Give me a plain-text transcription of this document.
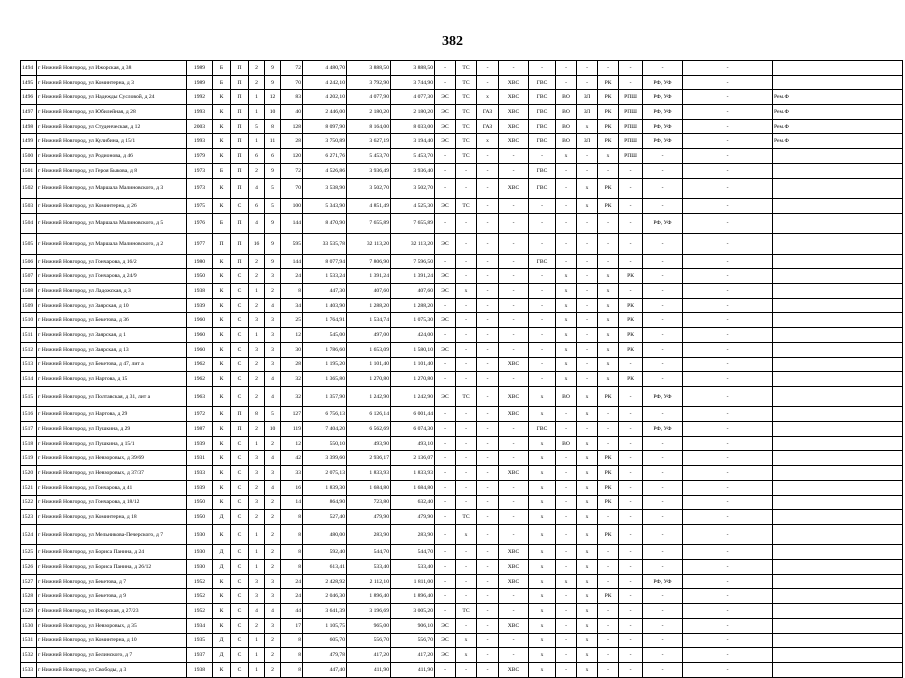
382
1494	г Нижний Новгород, ул Ижорская, д 38	1989	Б	П	2	9	72	4 480,70	3 888,50	3 888,50	-	ТС	-	-	-	-	-	-	-	-	-	
1495	г Нижний Новгород, ул Коминтерна, д 3	1989	Б	П	2	9	70	4 242,10	3 792,90	3 744,90	-	ТС	-	ХВС	ГВС	-	-	РК	-	РФ, УФ	-	
1496	г Нижний Новгород, ул Надежды Сусловой, д 24	1992	К	П	1	12	83	4 202,10	4 077,90	4 077,30	ЭС	ТС	х	ХВС	ГВС	ВО	ЗЛ	РК	РПШ	РФ, УФ	-	Рем.Ф
1497	г Нижний Новгород, ул Юбилейная, д 28	1993	К	П	1	10	40	2 446,00	2 180,20	2 180,20	ЭС	ТС	ГАЗ	ХВС	ГВС	ВО	ЗЛ	РК	РПШ	РФ, УФ	-	Рем.Ф
1498	г Нижний Новгород, ул Студенческая, д 12	2003	К	П	5	8	128	8 097,90	8 164,00	8 033,00	ЭС	ТС	ГАЗ	ХВС	ГВС	ВО	х	РК	РПШ	РФ, УФ	-	Рем.Ф
1499	г Нижний Новгород, ул Кулибина, д 15/1	1993	К	П	1	11	28	3 750,89	3 627,19	3 194,40	ЭС	ТС	х	ХВС	ГВС	ВО	ЗЛ	РК	РПШ	РФ, УФ	-	Рем.Ф
1500	г Нижний Новгород, ул Родионова, д 46	1979	К	П	6	6	120	6 271,76	5 453,70	5 453,70	-	ТС	-	-	-	х	-	х	РПШ	-	-	
1501	г Нижний Новгород, ул Героя Быкова, д 8	1973	Б	П	2	9	72	4 526,86	3 936,49	3 936,40	-	-	-	-	ГВС	-	-	-	-	-	-	
1502	г Нижний Новгород, ул Маршала Малиновского, д 3	1973	К	П	4	5	70	3 538,90	3 502,70	3 502,70	-	-	-	ХВС	ГВС	-	х	РК	-	-	-	
1503	г Нижний Новгород, ул Коминтерна, д 26	1975	К	С	6	5	100	5 343,90	4 851,49	4 525,30	ЭС	ТС	-	-	-	-	х	РК	-	-	-	
1504	г Нижний Новгород, ул Маршала Малиновского, д 5	1976	Б	П	4	9	144	8 470,90	7 655,89	7 655,89	-	-	-	-	-	-	-	-	-	РФ, УФ	-	
1505	г Нижний Новгород, ул Маршала Малиновского, д 2	1977	П	П	16	9	595	33 535,78	32 113,20	32 113,20	ЭС	-	-	-	-	-	-	-	-	-	-	
1506	г Нижний Новгород, ул Гончарова, д 16/2	1980	К	П	2	9	144	8 077,94	7 806,90	7 596,50	-	-	-	-	ГВС	-	-	-	-	-	-	
1507	г Нижний Новгород, ул Гончарова, д 24/9	1950	К	С	2	3	24	1 533,24	1 391,24	1 391,24	ЭС	-	-	-	-	х	-	х	РК	-	-	
1508	г Нижний Новгород, ул Ладожская, д 3	1938	К	С	1	2	8	447,30	407,60	407,60	ЭС	х	-	-	-	х	-	х	-	-	-	
1509	г Нижний Новгород, ул Заярская, д 10	1939	К	С	2	4	34	1 403,90	1 288,20	1 288,20	-	-	-	-	-	х	-	х	РК	-	-	
1510	г Нижний Новгород, ул Бекетова, д 36	1960	К	С	3	3	25	1 764,91	1 534,74	1 075,30	ЭС	-	-	-	-	х	-	х	РК	-	-	
1511	г Нижний Новгород, ул Заярская, д 1	1960	К	С	1	3	12	545,00	497,00	424,00	-	-	-	-	-	х	-	х	РК	-	-	
1512	г Нижний Новгород, ул Заярская, д 13	1960	К	С	3	3	30	1 786,60	1 653,09	1 580,10	ЭС	-	-	-	-	х	-	х	РК	-	-	
1513	г Нижний Новгород, ул Бекетова, д 47, лит а	1962	К	С	2	3	28	1 195,20	1 101,40	1 101,40	-	-	-	ХВС	-	х	-	х	-	-	-	
1514	г Нижний Новгород, ул Нартова, д 15	1962	К	С	2	4	32	1 365,80	1 270,80	1 270,80	-	-	-	-	-	х	-	х	РК	-	-	
1515	г Нижний Новгород, ул Полтавская, д 31, лит а	1963	К	С	2	4	32	1 357,90	1 242,90	1 242,90	ЭС	ТС	-	ХВС	х	ВО	х	РК	-	РФ, УФ	-	
1516	г Нижний Новгород, ул Нартова, д 29	1972	К	П	8	5	127	6 756,13	6 126,14	6 001,44	-	-	-	ХВС	х	-	х	-	-	-	-	
1517	г Нижний Новгород, ул Пушкина, д 29	1987	К	П	2	10	119	7 404,20	6 562,69	6 074,30	-	-	-	-	ГВС	-	-	-	-	РФ, УФ	-	
1518	г Нижний Новгород, ул Пушкина, д 15/1	1939	К	С	1	2	12	550,10	493,90	493,10	-	-	-	-	х	ВО	х	-	-	-	-	
1519	г Нижний Новгород, ул Невзоровых, д 39/69	1931	К	С	3	4	42	3 399,60	2 936,17	2 136,07	-	-	-	-	х	-	х	РК	-	-	-	
1520	г Нижний Новгород, ул Невзоровых, д 37/37	1933	К	С	3	3	33	2 075,13	1 833,93	1 833,93	-	-	-	ХВС	х	-	х	РК	-	-	-	
1521	г Нижний Новгород, ул Гончарова, д 41	1939	К	С	2	4	16	1 839,30	1 684,80	1 684,80	-	-	-	-	х	-	х	РК	-	-	-	
1522	г Нижний Новгород, ул Гончарова, д 18/12	1950	К	С	3	2	14	864,90	723,80	632,40	-	-	-	-	х	-	х	РК	-	-	-	
1523	г Нижний Новгород, ул Коминтерна, д 18	1950	Д	С	2	2	8	527,40	479,90	479,90	-	ТС	-	-	х	-	х	-	-	-	-	
1524	г Нижний Новгород, ул Мельникова-Печерского, д 7	1930	К	С	1	2	8	480,00	283,90	283,90	-	х	-	-	х	-	х	РК	-	-	-	
1525	г Нижний Новгород, ул Бориса Панина, д 24	1930	Д	С	1	2	8	592,40	544,70	544,70	-	-	-	ХВС	х	-	х	-	-	-	-	
1526	г Нижний Новгород, ул Бориса Панина, д 26/12	1930	Д	С	1	2	8	613,41	533,40	533,40	-	-	-	ХВС	х	-	х	-	-	-	-	
1527	г Нижний Новгород, ул Бекетова, д 7	1952	К	С	3	3	24	2 428,92	2 112,10	1 811,00	-	-	-	ХВС	х	х	х	-	-	РФ, УФ	-	
1528	г Нижний Новгород, ул Бекетова, д 9	1952	К	С	3	3	24	2 046,30	1 896,40	1 896,40	-	-	-	-	х	-	х	РК	-	-	-	
1529	г Нижний Новгород, ул Ижорская, д 27/23	1952	К	С	4	4	44	3 641,39	3 196,69	3 005,20	-	ТС	-	-	х	-	х	-	-	-	-	
1530	г Нижний Новгород, ул Невзоровых, д 35	1934	К	С	2	3	17	1 105,75	965,00	906,10	ЭС	-	-	ХВС	х	-	х	-	-	-	-	
1531	г Нижний Новгород, ул Коминтерна, д 10	1935	Д	С	1	2	8	605,70	556,70	556,70	ЭС	х	-	-	х	-	х	-	-	-	-	
1532	г Нижний Новгород, ул Белинского, д 7	1937	Д	С	1	2	8	479,78	417,20	417,20	ЭС	х	-	-	х	-	х	-	-	-	-	
1533	г Нижний Новгород, ул Свободы, д 3	1938	К	С	1	2	8	447,40	411,90	411,90	-	-	-	ХВС	х	-	х	-	-	-	-	
